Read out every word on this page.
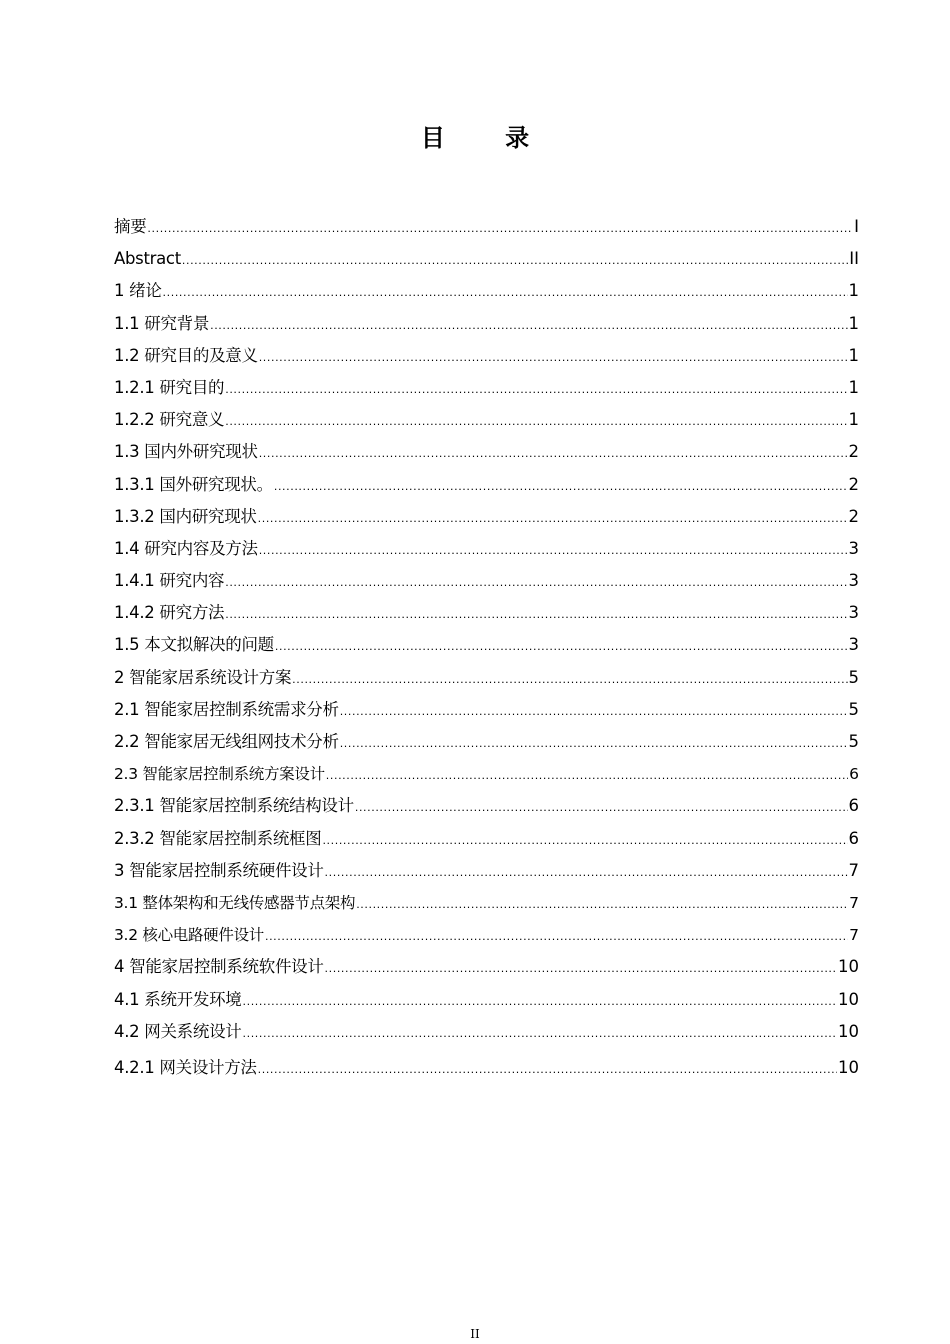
目 录
摘要 .....	I
Abstract .....	II
1 绪论 .....	1
1.1 研究背景 .....	1
1.2 研究目的及意义 .....	1
1.2.1 研究目的 .....	1
1.2.2 研究意义 .....	1
1.3 国内外研究现状 .....	2
1.3.1 国外研究现状。 .....	2
1.3.2 国内研究现状 .....	2
1.4 研究内容及方法 .....	3
1.4.1 研究内容 .....	3
1.4.2 研究方法 .....	3
1.5 本文拟解决的问题 .....	3
2 智能家居系统设计方案 .....	5
2.1 智能家居控制系统需求分析 .....	5
2.2 智能家居无线组网技术分析 .....	5
2.3 智能家居控制系统方案设计 .....	6
2.3.1 智能家居控制系统结构设计 .....	6
2.3.2 智能家居控制系统框图 .....	6
3 智能家居控制系统硬件设计 .....	7
3.1 整体架构和无线传感器节点架构 .....	7
3.2 核心电路硬件设计 .....	7
4 智能家居控制系统软件设计 .....	10
4.1 系统开发环境 .....	10
4.2 网关系统设计 .....	10
4.2.1 网关设计方法 .....	10
II
